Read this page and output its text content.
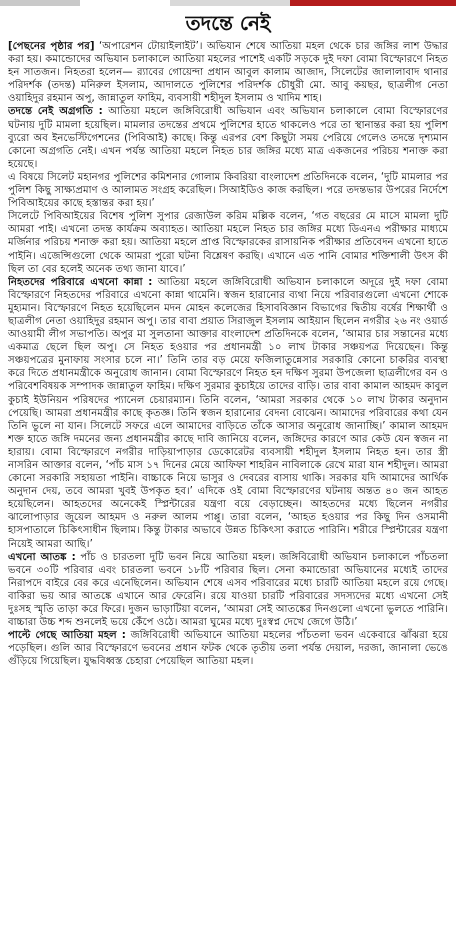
তদন্তে নেই

[পেছনের পৃষ্ঠার পর] ‘অপারেশন টোয়াইলাইট’। অভিযান শেষে আতিয়া মহল থেকে চার জঙ্গির লাশ উদ্ধার করা হয়। কমান্ডোদের অভিযান চলাকালে আতিয়া মহলের পাশেই একটি সড়কে দুই দফা বোমা বিস্ফোরণে নিহত হন সাতজন। নিহতরা হলেন— র‍্যাবের গোয়েন্দা প্রধান আবুল কালাম আজাদ, সিলেটের জালালাবাদ থানার পরিদর্শক (তদন্ত) মনিরুল ইসলাম, আদালতে পুলিশের পরিদর্শক চৌধুরী মো. আবু কয়ছর, ছাত্রলীগ নেতা ওয়াহিদুর রহমান অপু, জান্নাতুল ফাহিম, ব্যবসায়ী শহীদুল ইসলাম ও খাদিম শাহ।

তদন্তে নেই অগ্রগতি : আতিয়া মহলে জঙ্গিবিরোধী অভিযান এবং অভিযান চলাকালে বোমা বিস্ফোরণের ঘটনায় দুটি মামলা হয়েছিল। মামলার তদন্তের প্রথমে পুলিশের হাতে থাকলেও পরে তা স্থানান্তর করা হয় পুলিশ ব্যুরো অব ইনভেস্টিগেশনের (পিবিআই) কাছে। কিন্তু এরপর বেশ কিছুটা সময় পেরিয়ে গেলেও তদন্তে দৃশ্যমান কোনো অগ্রগতি নেই। এখন পর্যন্ত আতিয়া মহলে নিহত চার জঙ্গির মধ্যে মাত্র একজনের পরিচয় শনাক্ত করা হয়েছে।

এ বিষয়ে সিলেট মহানগর পুলিশের কমিশনার গোলাম কিবরিয়া বাংলাদেশ প্রতিদিনকে বলেন, ‘দুটি মামলার পর পুলিশ কিছু সাক্ষ্যপ্রমাণ ও আলামত সংগ্রহ করেছিল। সিআইডিও কাজ করছিল। পরে তদন্তভার উপরের নির্দেশে পিবিআইয়ের কাছে হস্তান্তর করা হয়।’

সিলেটে পিবিআইয়ের বিশেষ পুলিশ সুপার রেজাউল করিম মল্লিক বলেন, ‘গত বছরের মে মাসে মামলা দুটি আমরা পাই। এখনো তদন্ত কার্যক্রম অব্যাহত। আতিয়া মহলে নিহত চার জঙ্গির মধ্যে ডিএনএ পরীক্ষার মাধ্যমে মর্জিনার পরিচয় শনাক্ত করা হয়। আতিয়া মহলে প্রাপ্ত বিস্ফোরকের রাসায়নিক পরীক্ষার প্রতিবেদন এখনো হাতে পাইনি। এজেন্সিগুলো থেকে আমরা পুরো ঘটনা বিশ্লেষণ করছি। এখানে এত পানি বোমার শক্তিশালী উৎস কী ছিল তা বের হলেই অনেক তথ্য জানা যাবে।’

নিহতদের পরিবারে এখনো কান্না : আতিয়া মহলে জঙ্গিবিরোধী অভিযান চলাকালে অদূরে দুই দফা বোমা বিস্ফোরণে নিহতদের পরিবারে এখনো কান্না থামেনি। স্বজন হারানোর ব্যথা নিয়ে পরিবারগুলো এখনো শোকে মুহ্যমান। বিস্ফোরণে নিহত হয়েছিলেন মদন মোহন কলেজের হিসাববিজ্ঞান বিভাগের দ্বিতীয় বর্ষের শিক্ষার্থী ও ছাত্রলীগ নেতা ওয়াহিদুর রহমান অপু। তার বাবা প্রয়াত সিরাজুল ইসলাম আইয়ান ছিলেন নগরীর ২৬ নং ওয়ার্ড আওয়ামী লীগ সভাপতি। অপুর মা সুলতানা আক্তার বাংলাদেশ প্রতিদিনকে বলেন, ‘আমার চার সন্তানের মধ্যে একমাত্র ছেলে ছিল অপু। সে নিহত হওয়ার পর প্রধানমন্ত্রী ১০ লাখ টাকার সঞ্চয়পত্র দিয়েছেন। কিন্তু সঞ্চয়পত্রের মুনাফায় সংসার চলে না।’ তিনি তার বড় মেয়ে ফজিলাতুন্নেসার সরকারি কোনো চাকরির ব্যবস্থা করে দিতে প্রধানমন্ত্রীকে অনুরোধ জানান। বোমা বিস্ফোরণে নিহত হন দক্ষিণ সুরমা উপজেলা ছাত্রলীগের বন ও পরিবেশবিষয়ক সম্পাদক জান্নাতুল ফাহিম। দক্ষিণ সুরমার কুচাইয়ে তাদের বাড়ি। তার বাবা কামাল আহমদ কাবুল কুচাই ইউনিয়ন পরিষদের প্যানেল চেয়ারম্যান। তিনি বলেন, ‘আমরা সরকার থেকে ১০ লাখ টাকার অনুদান পেয়েছি। আমরা প্রধানমন্ত্রীর কাছে কৃতজ্ঞ। তিনি স্বজন হারানোর বেদনা বোঝেন। আমাদের পরিবারের কথা যেন তিনি ভুলে না যান। সিলেটে সফরে এলে আমাদের বাড়িতে তাঁকে আসার অনুরোধ জানাচ্ছি।’ কামাল আহমদ শক্ত হাতে জঙ্গি দমনের জন্য প্রধানমন্ত্রীর কাছে দাবি জানিয়ে বলেন, জঙ্গিদের কারণে আর কেউ যেন স্বজন না হারায়। বোমা বিস্ফোরণে নগরীর দাড়িয়াপাড়ার ডেকোরেটর ব্যবসায়ী শহীদুল ইসলাম নিহত হন। তার স্ত্রী নাসরিন আক্তার বলেন, ‘পাঁচ মাস ১৭ দিনের মেয়ে আফিফা শাহরিন নাবিলাকে রেখে মারা যান শহীদুল। আমরা কোনো সরকারি সহায়তা পাইনি। বাচ্চাকে নিয়ে ভাসুর ও দেবরের বাসায় থাকি। সরকার যদি আমাদের আর্থিক অনুদান দেয়, তবে আমরা খুবই উপকৃত হব।’ এদিকে ওই বোমা বিস্ফোরণের ঘটনায় অন্তত ৪০ জন আহত হয়েছিলেন। আহতদের অনেকেই স্প্লিন্টারের যন্ত্রণা বয়ে বেড়াচ্ছেন। আহতদের মধ্যে ছিলেন নগরীর ঝালোপাড়ার জুয়েল আহমদ ও নরুল আলম পাপ্পু। তারা বলেন, ‘আহত হওয়ার পর কিছু দিন ওসমানী হাসপাতালে চিকিৎসাধীন ছিলাম। কিন্তু টাকার অভাবে উন্নত চিকিৎসা করাতে পারিনি। শরীরে স্প্লিন্টারের যন্ত্রণা নিয়েই আমরা আছি।’

এখনো আতঙ্ক : পাঁচ ও চারতলা দুটি ভবন নিয়ে আতিয়া মহল। জঙ্গিবিরোধী অভিযান চলাকালে পাঁচতলা ভবনে ৩০টি পরিবার এবং চারতলা ভবনে ১৮টি পরিবার ছিল। সেনা কমান্ডোরা অভিযানের মধ্যেই তাদের নিরাপদে বাইরে বের করে এনেছিলেন। অভিযান শেষে এসব পরিবারের মধ্যে চারটি আতিয়া মহলে রয়ে গেছে। বাকিরা ভয় আর আতঙ্কে এখানে আর ফেরেনি। রয়ে যাওয়া চারটি পরিবারের সদস্যদের মধ্যে এখনো সেই দুঃসহ স্মৃতি তাড়া করে ফিরে। দুজন ভাড়াটিয়া বলেন, ‘আমরা সেই আতঙ্কের দিনগুলো এখনো ভুলতে পারিনি। বাচ্চারা উচ্চ শব্দ শুনলেই ভয়ে কেঁপে ওঠে। আমরা ঘুমের মধ্যে দুঃস্বপ্ন দেখে জেগে উঠি।’

পাল্টে গেছে আতিয়া মহল : জঙ্গিবিরোধী অভিযানে আতিয়া মহলের পাঁচতলা ভবন একেবারে ঝাঁঝরা হয়ে পড়েছিল। গুলি আর বিস্ফোরণে ভবনের প্রধান ফটক থেকে তৃতীয় তলা পর্যন্ত দেয়াল, দরজা, জানালা ভেঙে গুঁড়িয়ে গিয়েছিল। যুদ্ধবিধ্বস্ত চেহারা পেয়েছিল আতিয়া মহল।
